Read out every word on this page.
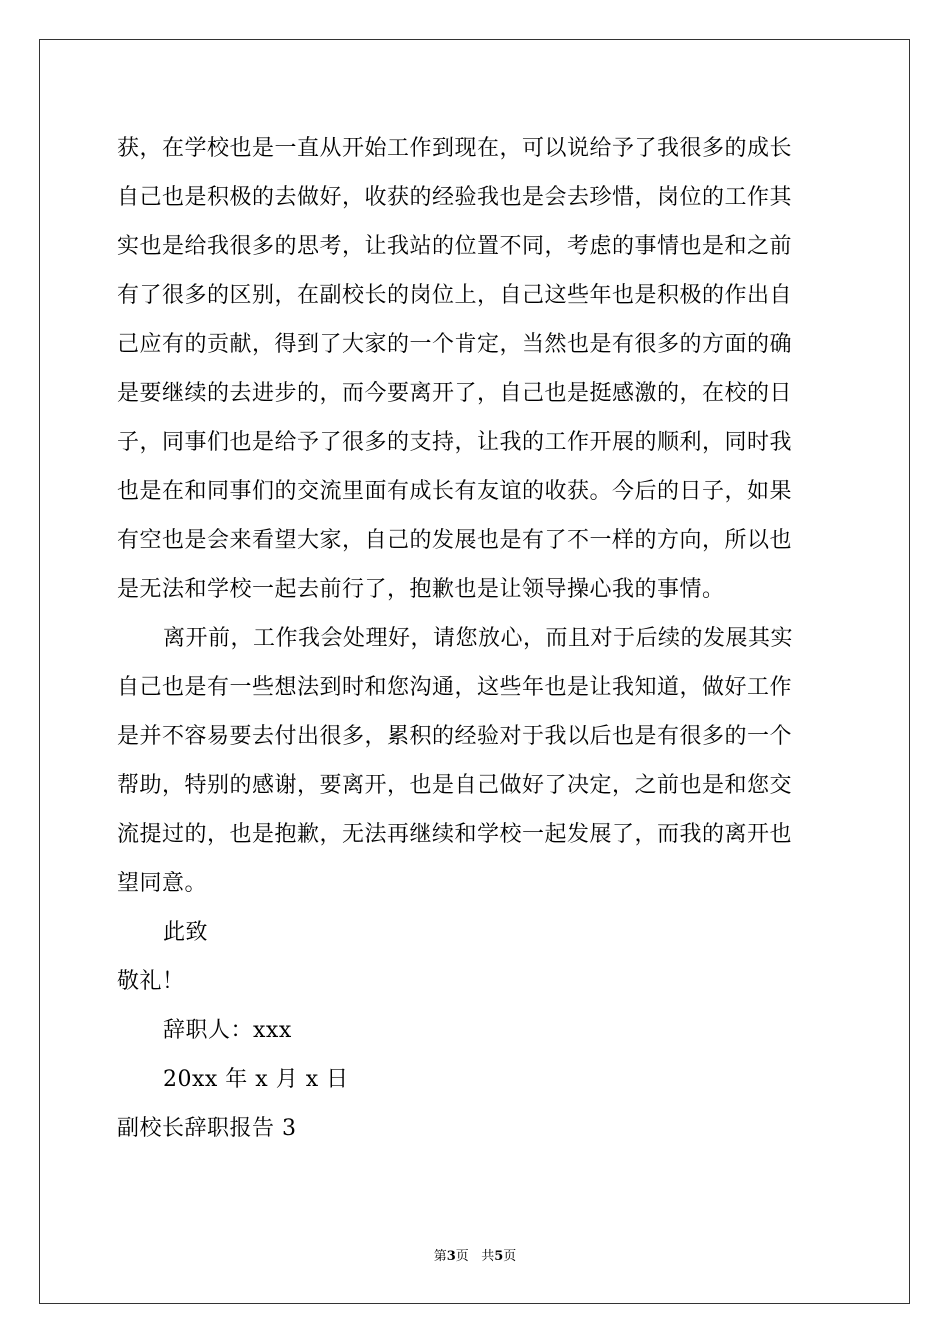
获，在学校也是一直从开始工作到现在，可以说给予了我很多的成长
自己也是积极的去做好，收获的经验我也是会去珍惜，岗位的工作其
实也是给我很多的思考，让我站的位置不同，考虑的事情也是和之前
有了很多的区别，在副校长的岗位上，自己这些年也是积极的作出自
己应有的贡献，得到了大家的一个肯定，当然也是有很多的方面的确
是要继续的去进步的，而今要离开了，自己也是挺感激的，在校的日
子，同事们也是给予了很多的支持，让我的工作开展的顺利，同时我
也是在和同事们的交流里面有成长有友谊的收获。今后的日子，如果
有空也是会来看望大家，自己的发展也是有了不一样的方向，所以也
是无法和学校一起去前行了，抱歉也是让领导操心我的事情。
离开前，工作我会处理好，请您放心，而且对于后续的发展其实
自己也是有一些想法到时和您沟通，这些年也是让我知道，做好工作
是并不容易要去付出很多，累积的经验对于我以后也是有很多的一个
帮助，特别的感谢，要离开，也是自己做好了决定，之前也是和您交
流提过的，也是抱歉，无法再继续和学校一起发展了，而我的离开也
望同意。
此致
敬礼！
辞职人：xxx
20xx 年 x 月 x 日
副校长辞职报告 3
第3页   共5页
